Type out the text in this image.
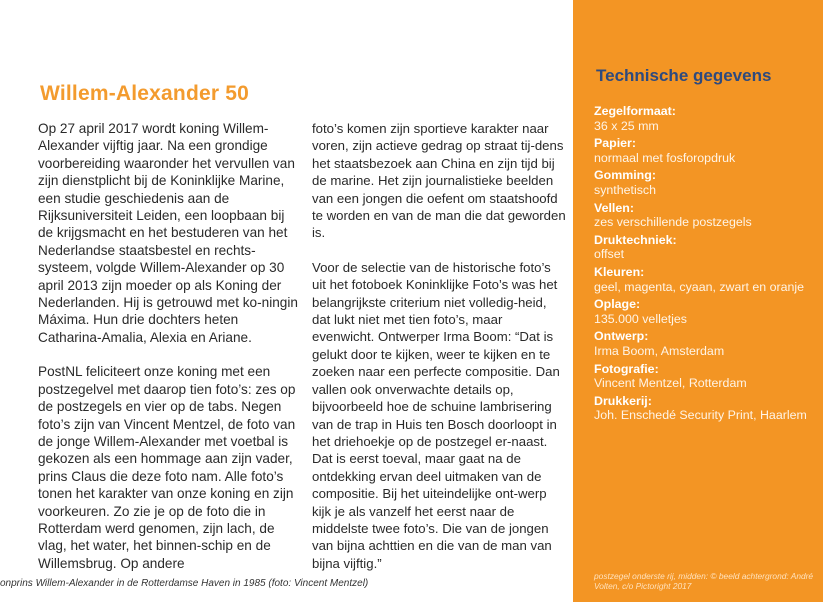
Willem-Alexander 50

Op 27 april 2017 wordt koning Willem-Alexander vijftig jaar. Na een grondige voorbereiding waaronder het vervullen van zijn dienstplicht bij de Koninklijke Marine, een studie geschiedenis aan de Rijksuniversiteit Leiden, een loopbaan bij de krijgsmacht en het bestuderen van het Nederlandse staatsbestel en rechts-systeem, volgde Willem-Alexander op 30 april 2013 zijn moeder op als Koning der Nederlanden. Hij is getrouwd met ko-ningin Máxima. Hun drie dochters heten Catharina-Amalia, Alexia en Ariane.

PostNL feliciteert onze koning met een postzegelvel met daarop tien foto’s: zes op de postzegels en vier op de tabs. Negen foto’s zijn van Vincent Mentzel, de foto van de jonge Willem-Alexander met voetbal is gekozen als een hommage aan zijn vader, prins Claus die deze foto nam. Alle foto’s tonen het karakter van onze koning en zijn voorkeuren. Zo zie je op de foto die in Rotterdam werd genomen, zijn lach, de vlag, het water, het binnen-schip en de Willemsbrug. Op andere

foto’s komen zijn sportieve karakter naar voren, zijn actieve gedrag op straat tij-dens het staatsbezoek aan China en zijn tijd bij de marine. Het zijn journalistieke beelden van een jongen die oefent om staatshoofd te worden en van de man die dat geworden is.

Voor de selectie van de historische foto’s uit het fotoboek Koninklijke Foto’s was het belangrijkste criterium niet volledig-heid, dat lukt niet met tien foto’s, maar evenwicht. Ontwerper Irma Boom: “Dat is gelukt door te kijken, weer te kijken en te zoeken naar een perfecte compositie. Dan vallen ook onverwachte details op, bijvoorbeeld hoe de schuine lambrisering van de trap in Huis ten Bosch doorloopt in het driehoekje op de postzegel er-naast. Dat is eerst toeval, maar gaat na de ontdekking ervan deel uitmaken van de compositie. Bij het uiteindelijke ont-werp kijk je als vanzelf het eerst naar de middelste twee foto’s. Die van de jongen van bijna achttien en die van de man van bijna vijftig.”

onprins Willem-Alexander in de Rotterdamse Haven in 1985 (foto: Vincent Mentzel)
Technische gegevens
Zegelformaat:
36 x 25 mm
Papier:
normaal met fosforopdruk
Gomming:
synthetisch
Vellen:
zes verschillende postzegels
Druktechniek:
offset
Kleuren:
geel, magenta, cyaan, zwart en oranje
Oplage:
135.000 velletjes
Ontwerp:
Irma Boom, Amsterdam
Fotografie:
Vincent Mentzel, Rotterdam
Drukkerij:
Joh. Enschedé Security Print, Haarlem
postzegel onderste rij, midden: © beeld achtergrond: André Volten, c/o Pictoright 2017
